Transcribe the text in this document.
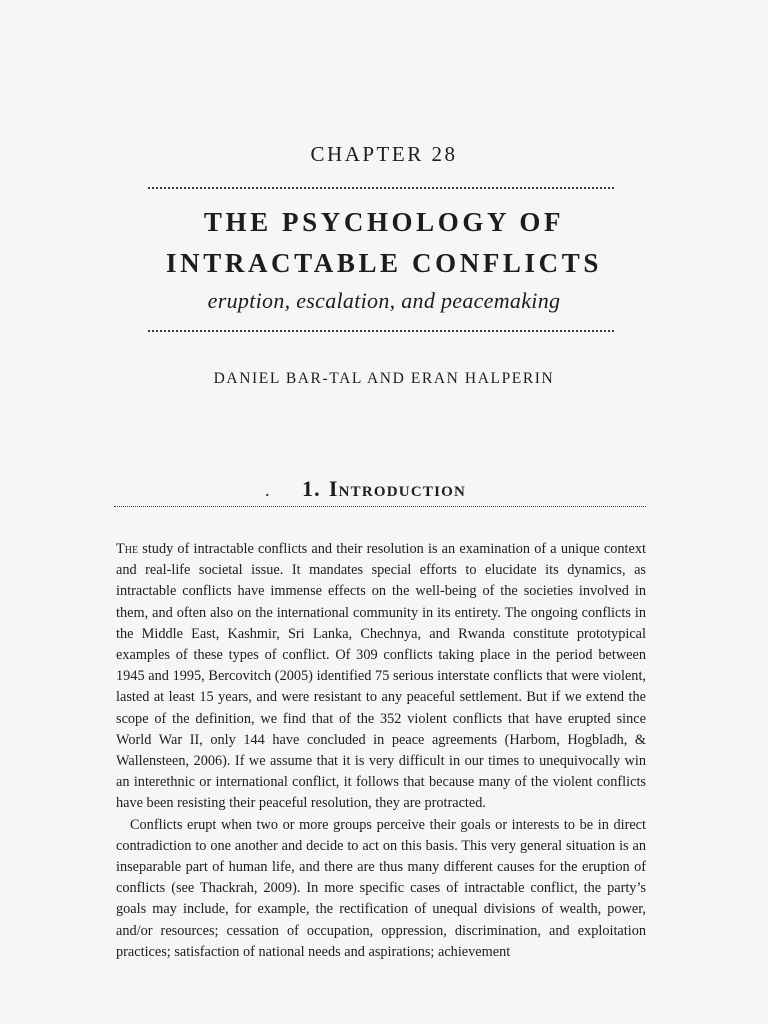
CHAPTER 28
THE PSYCHOLOGY OF
INTRACTABLE CONFLICTS
eruption, escalation, and peacemaking
DANIEL BAR-TAL AND ERAN HALPERIN
.	1. Introduction

The study of intractable conflicts and their resolution is an examination of a unique context and real-life societal issue. It mandates special efforts to elucidate its dynamics, as intractable conflicts have immense effects on the well-being of the societies involved in them, and often also on the international community in its entirety. The ongoing conflicts in the Middle East, Kashmir, Sri Lanka, Chechnya, and Rwanda constitute prototypical examples of these types of conflict. Of 309 conflicts taking place in the period between 1945 and 1995, Bercovitch (2005) identified 75 serious interstate conflicts that were violent, lasted at least 15 years, and were resistant to any peaceful settlement. But if we extend the scope of the definition, we find that of the 352 violent conflicts that have erupted since World War II, only 144 have concluded in peace agreements (Harbom, Hogbladh, & Wallensteen, 2006). If we assume that it is very difficult in our times to unequivocally win an interethnic or international conflict, it follows that because many of the violent conflicts have been resisting their peaceful resolution, they are protracted.

Conflicts erupt when two or more groups perceive their goals or interests to be in direct contradiction to one another and decide to act on this basis. This very general situation is an inseparable part of human life, and there are thus many different causes for the eruption of conflicts (see Thackrah, 2009). In more specific cases of intractable conflict, the party’s goals may include, for example, the rectification of unequal divisions of wealth, power, and/or resources; cessation of occupation, oppression, discrimination, and exploitation practices; satisfaction of national needs and aspirations; achievement
